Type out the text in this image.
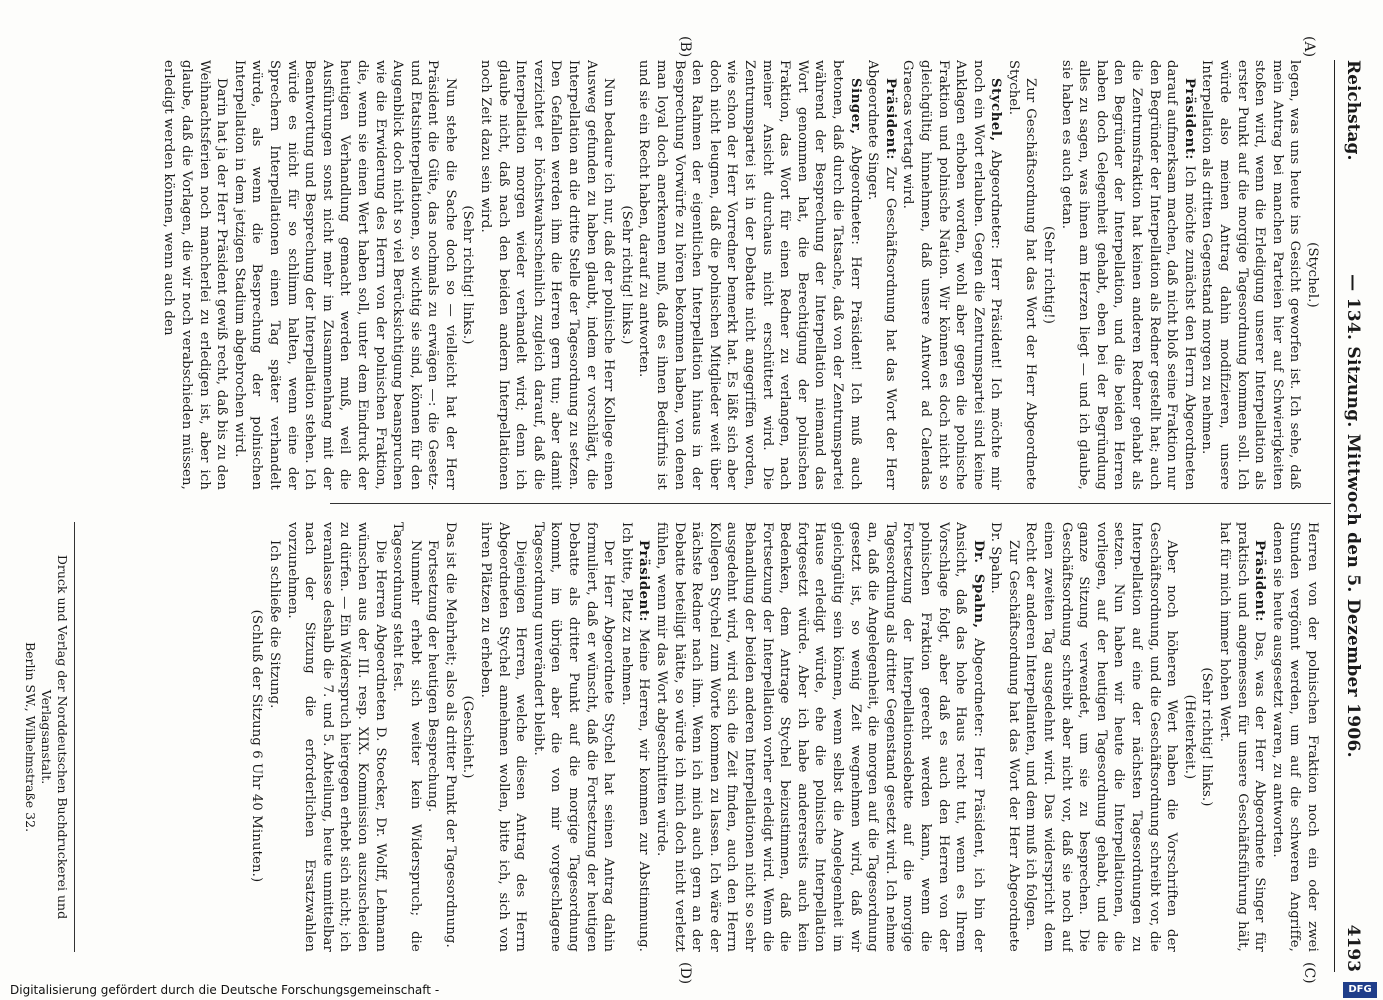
Reichstag.
— 134. Sitzung. Mittwoch den 5. Dezember 1906.
4193
(A)
(B)
(C)
(D)

(Stychel.)

legen, was uns heute ins Gesicht geworfen ist. Ich sehe, daß mein Antrag bei manchen Parteien hier auf Schwierigkeiten stoßen wird, wenn die Erledigung unserer Interpellation als erster Punkt auf die morgige Tagesordnung kommen soll. Ich würde also meinen Antrag dahin modifizieren, unsere Interpellation als dritten Gegenstand morgen zu nehmen.

Präsident: Ich möchte zunächst den Herrn Abgeordneten darauf aufmerksam machen, daß nicht bloß seine Fraktion nur den Begründer der Interpellation als Redner gestellt hat; auch die Zentrumsfraktion hat keinen anderen Redner gehabt als den Begründer der Interpellation, und die beiden Herren haben doch Gelegenheit gehabt, eben bei der Begründung alles zu sagen, was ihnen am Herzen liegt — und ich glaube, sie haben es auch getan.

(Sehr richtig!)

Zur Geschäftsordnung hat das Wort der Herr Abgeordnete Stychel.

Stychel, Abgeordneter: Herr Präsident! Ich möchte mir noch ein Wort erlauben. Gegen die Zentrumspartei sind keine Anklagen erhoben worden, wohl aber gegen die polnische Fraktion und polnische Nation. Wir können es doch nicht so gleichgültig hinnehmen, daß unsere Antwort ad Calendas Graecas vertagt wird.

Präsident: Zur Geschäftsordnung hat das Wort der Herr Abgeordnete Singer.

Singer, Abgeordneter: Herr Präsident! Ich muß auch betonen, daß durch die Tatsache, daß von der Zentrumspartei während der Besprechung der Interpellation niemand das Wort genommen hat, die Berechtigung der polnischen Fraktion, das Wort für einen Redner zu verlangen, nach meiner Ansicht durchaus nicht erschüttert wird. Die Zentrumspartei ist in der Debatte nicht angegriffen worden, wie schon der Herr Vorredner bemerkt hat. Es läßt sich aber doch nicht leugnen, daß die polnischen Mitglieder weit über den Rahmen der eigentlichen Interpellation hinaus in der Besprechung Vorwürfe zu hören bekommen haben, von denen man loyal doch anerkennen muß, daß es ihnen Bedürfnis ist und sie ein Recht haben, darauf zu antworten.

(Sehr richtig! links.)

Nun bedaure ich nur, daß der polnische Herr Kollege einen Ausweg gefunden zu haben glaubt, indem er vorschlägt, die Interpellation an die dritte Stelle der Tagesordnung zu setzen. Den Gefallen werden ihm die Herren gern tun; aber damit verzichtet er höchstwahrscheinlich zugleich darauf, daß die Interpellation morgen wieder verhandelt wird; denn ich glaube nicht, daß nach den beiden andern Interpellationen noch Zeit dazu sein wird.

(Sehr richtig! links.)

Nun stehe die Sache doch so — vielleicht hat der Herr Präsident die Güte, das nochmals zu erwägen —: die Gesetz- und Etatsinterpellationen, so wichtig sie sind, können für den Augenblick doch nicht so viel Berücksichtigung beanspruchen wie die Erwiderung des Herrn von der polnischen Fraktion, die, wenn sie einen Wert haben soll, unter dem Eindruck der heutigen Verhandlung gemacht werden muß, weil die Ausführungen sonst nicht mehr im Zusammenhang mit der Beantwortung und Besprechung der Interpellation stehen. Ich würde es nicht für so schlimm halten, wenn eine der Sprechern Interpellationen einen Tag später verhandelt würde, als wenn die Besprechung der polnischen Interpellation in dem jetzigen Stadium abgebrochen wird.

Darin hat ja der Herr Präsident gewiß recht, daß bis zu den Weihnachtsferien noch mancherlei zu erledigen ist, aber ich glaube, daß die Vorlagen, die wir noch verabschieden müssen, erledigt werden können, wenn auch den

Herren von der polnischen Fraktion noch ein oder zwei Stunden vergönnt werden, um auf die schweren Angriffe, denen sie heute ausgesetzt waren, zu antworten.

Präsident: Das, was der Herr Abgeordnete Singer für praktisch und angemessen für unsere Geschäftsführung hält, hat für mich immer hohen Wert.

(Sehr richtig! links.)

(Heiterkeit.)

Aber noch höheren Wert haben die Vorschriften der Geschäftsordnung, und die Geschäftsordnung schreibt vor, die Interpellation auf eine der nächsten Tagesordnungen zu setzen. Nun haben wir heute die Interpellationen, die vorliegen, auf der heutigen Tagesordnung gehabt, und die ganze Sitzung verwendet, um sie zu besprechen. Die Geschäftsordnung schreibt aber nicht vor, daß sie noch auf einen zweiten Tag ausgedehnt wird. Das widerspricht dem Recht der anderen Interpellanten, und dem muß ich folgen.

Zur Geschäftsordnung hat das Wort der Herr Abgeordnete Dr. Spahn.

Dr. Spahn, Abgeordneter: Herr Präsident, ich bin der Ansicht, daß das hohe Haus recht tut, wenn es Ihrem Vorschlage folgt, aber daß es auch den Herren von der polnischen Fraktion gerecht werden kann, wenn die Fortsetzung der Interpellationsdebatte auf die morgige Tagesordnung als dritter Gegenstand gesetzt wird. Ich nehme an, daß die Angelegenheit, die morgen auf die Tagesordnung gesetzt ist, so wenig Zeit wegnehmen wird, daß wir gleichgültig sein können, wenn selbst die Angelegenheit im Hause erledigt würde, ehe die polnische Interpellation fortgesetzt würde. Aber ich habe andererseits auch kein Bedenken, dem Antrage Stychel beizustimmen, daß die Fortsetzung der Interpellation vorher erledigt wird. Wenn die Behandlung der beiden anderen Interpellationen nicht so sehr ausgedehnt wird, wird sich die Zeit finden, auch den Herrn Kollegen Stychel zum Worte kommen zu lassen. Ich wäre der nächste Redner nach ihm. Wenn ich mich auch gern an der Debatte beteiligt hätte, so würde ich mich doch nicht verletzt fühlen, wenn mir das Wort abgeschnitten würde.

Präsident: Meine Herren, wir kommen zur Abstimmung. Ich bitte, Platz zu nehmen.

Der Herr Abgeordnete Stychel hat seinen Antrag dahin formuliert, daß er wünscht, daß die Fortsetzung der heutigen Debatte als dritter Punkt auf die morgige Tagesordnung kommt, im übrigen aber die von mir vorgeschlagene Tagesordnung unverändert bleibt.

Diejenigen Herren, welche diesen Antrag des Herrn Abgeordneten Stychel annehmen wollen, bitte ich, sich von ihren Plätzen zu erheben.

(Geschieht.)

Das ist die Mehrheit; also als dritter Punkt der Tagesordnung.

Fortsetzung der heutigen Besprechung.

Nunmehr erhebt sich weiter kein Widerspruch; die Tagesordnung steht fest.

Die Herren Abgeordneten D. Stoecker, Dr. Wolff, Lehmann wünschen aus der III. resp. XIX. Kommission auszuscheiden zu dürfen. — Ein Widerspruch hiergegen erhebt sich nicht; ich veranlasse deshalb die 7. und 5. Abteilung, heute unmittelbar nach der Sitzung die erforderlichen Ersatzwahlen vorzunehmen.

Ich schließe die Sitzung.

(Schluß der Sitzung 6 Uhr 40 Minuten.)

Druck und Verlag der Norddeutschen Buchdruckerei und Verlagsanstalt.
Berlin SW., Wilhelmstraße 32.
Digitalisierung gefördert durch die Deutsche Forschungsgemeinschaft -	DFG
